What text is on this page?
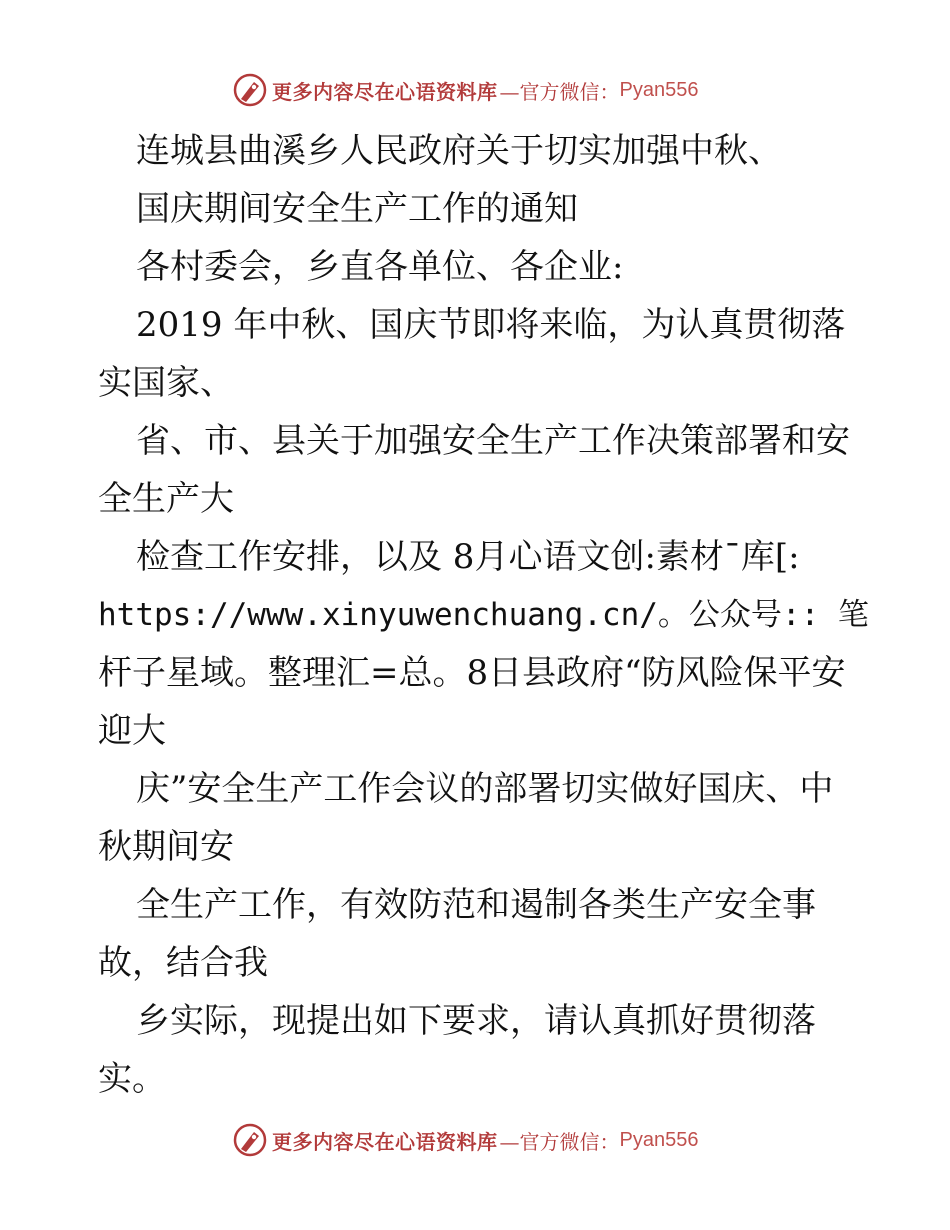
更多内容尽在心语资料库 —官方微信： Pyan556
连城县曲溪乡人民政府关于切实加强中秋、
国庆期间安全生产工作的通知
各村委会，乡直各单位、各企业:
2019 年中秋、国庆节即将来临，为认真贯彻落
实国家、
省、市、县关于加强安全生产工作决策部署和安
全生产大
检查工作安排，以及 8月心语文创:素材¯库[:
https://www.xinyuwenchuang.cn/。公众号:: 笔
杆子星域。整理汇=总。8日县政府“防风险保平安
迎大
庆”安全生产工作会议的部署切实做好国庆、中
秋期间安
全生产工作，有效防范和遏制各类生产安全事
故，结合我
乡实际，现提出如下要求，请认真抓好贯彻落
实。
更多内容尽在心语资料库 —官方微信： Pyan556
